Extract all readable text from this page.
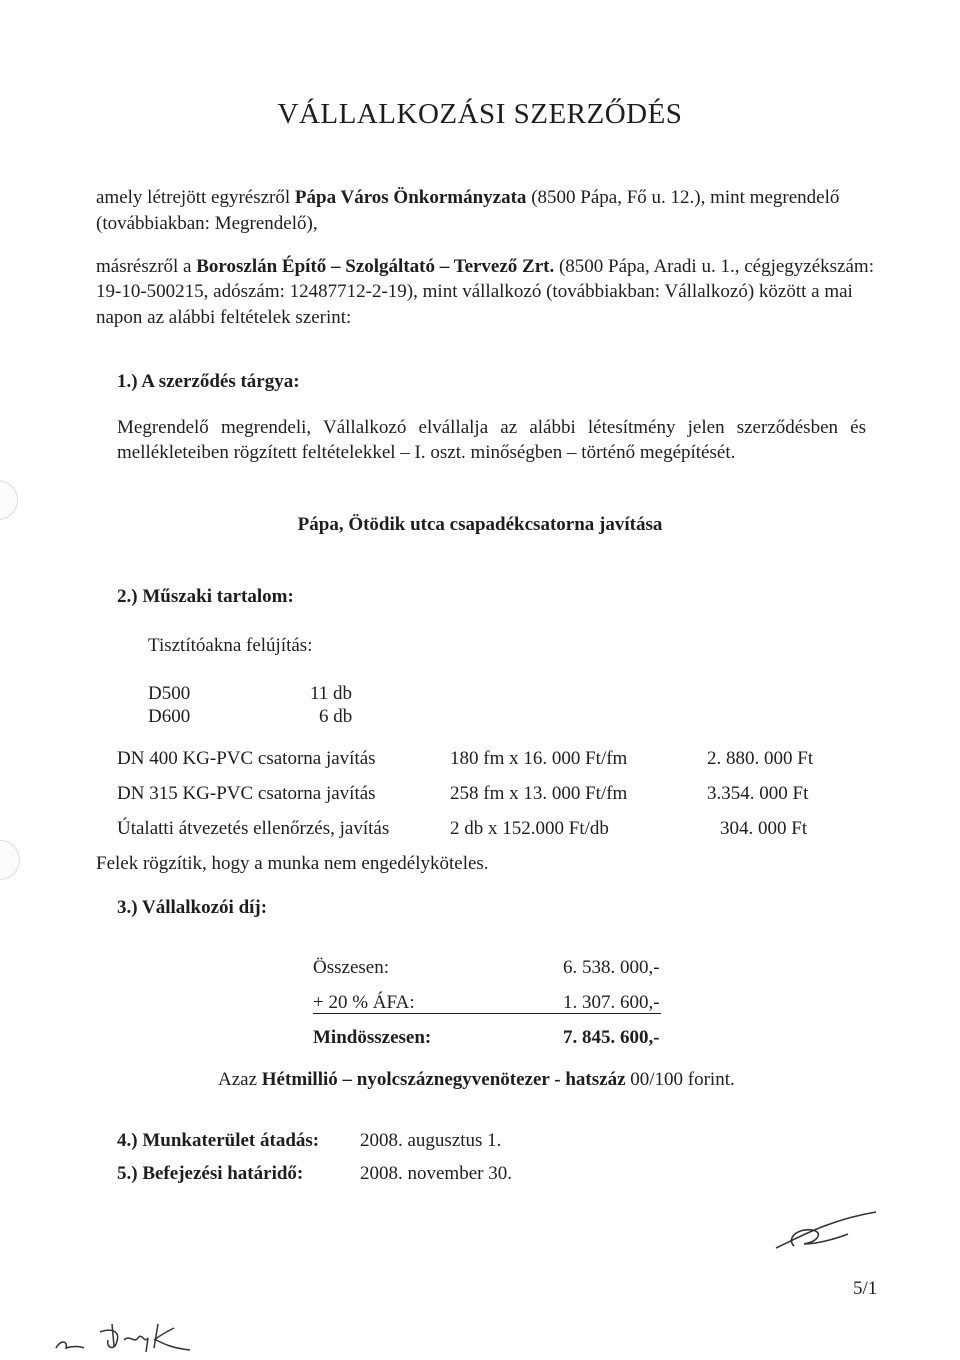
VÁLLALKOZÁSI SZERZŐDÉS
amely létrejött egyrészről Pápa Város Önkormányzata (8500 Pápa, Fő u. 12.), mint megrendelő
(továbbiakban: Megrendelő),
másrészről a Boroszlán Építő – Szolgáltató – Tervező Zrt. (8500 Pápa, Aradi u. 1., cégjegyzékszám:
19-10-500215, adószám: 12487712-2-19), mint vállalkozó (továbbiakban: Vállalkozó) között a mai
napon az alábbi feltételek szerint:
1.) A szerződés tárgya:
Megrendelő megrendeli, Vállalkozó elvállalja az alábbi létesítmény jelen szerződésben és
mellékleteiben rögzített feltételekkel – I. oszt. minőségben – történő megépítését.
Pápa, Ötödik utca csapadékcsatorna javítása
2.) Műszaki tartalom:
Tisztítóakna felújítás:
D500	11 db
D600	6 db
DN 400 KG-PVC csatorna javítás	180 fm x 16. 000 Ft/fm	2. 880. 000 Ft
DN 315 KG-PVC csatorna javítás	258 fm x 13. 000 Ft/fm	3.354. 000 Ft
Útalatti átvezetés ellenőrzés, javítás	2 db x 152.000 Ft/db	304. 000 Ft
Felek rögzítik, hogy a munka nem engedélyköteles.
3.) Vállalkozói díj:
Összesen:	6. 538. 000,-
+ 20 % ÁFA:	1. 307. 600,-
Mindösszesen:	7. 845. 600,-
Azaz Hétmillió – nyolcszáznegyvenötezer - hatszáz 00/100 forint.
4.) Munkaterület átadás: 2008. augusztus 1.
5.) Befejezési határidő:	2008. november 30.
5/1
